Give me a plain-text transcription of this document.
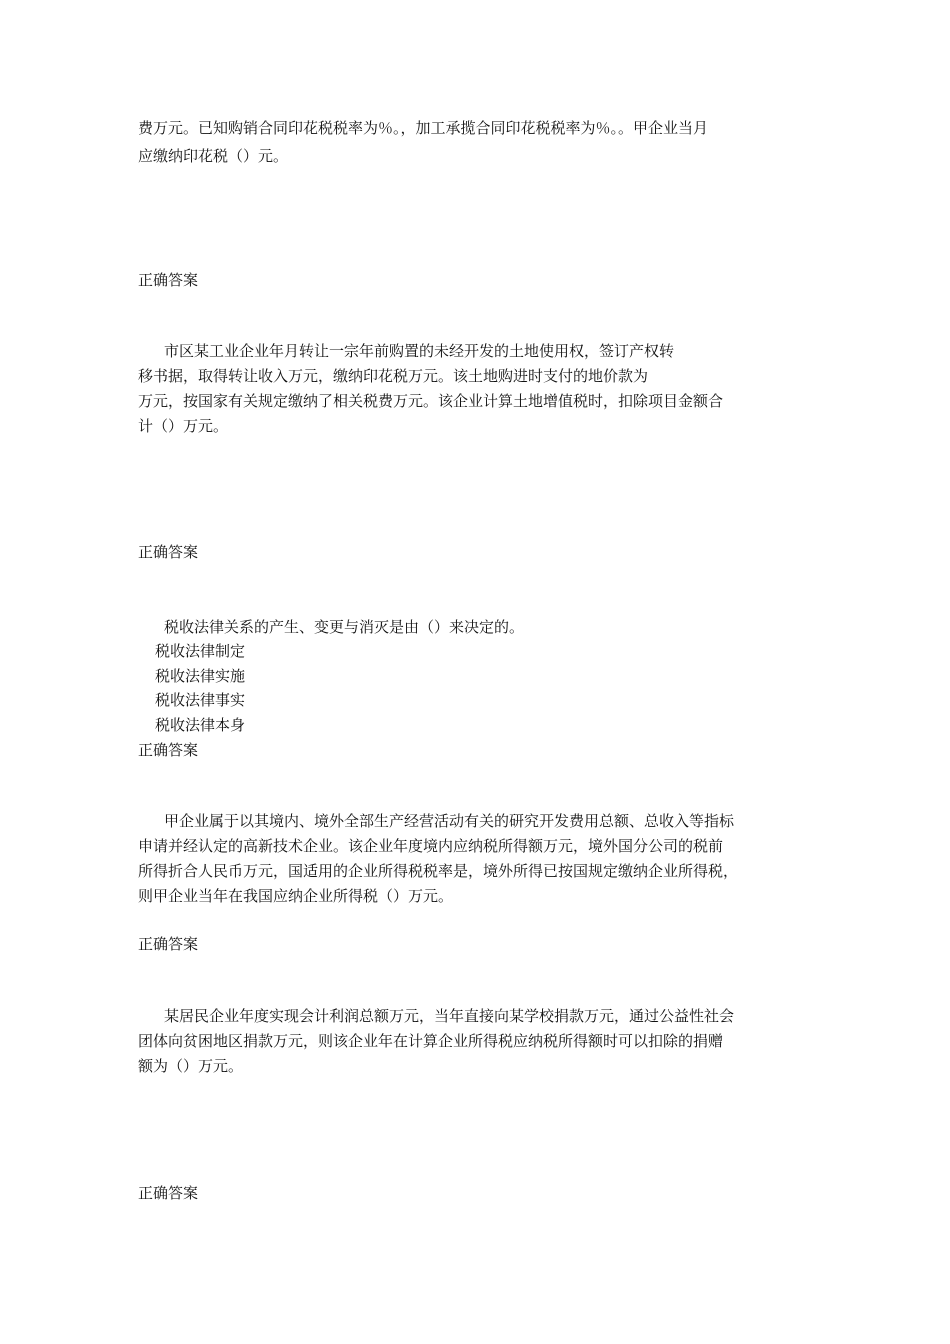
费万元。已知购销合同印花税税率为％。，加工承揽合同印花税税率为％。。甲企业当月
应缴纳印花税（）元。
正确答案
市区某工业企业年月转让一宗年前购置的未经开发的土地使用权，签订产权转
移书据，取得转让收入万元，缴纳印花税万元。该土地购进时支付的地价款为
万元，按国家有关规定缴纳了相关税费万元。该企业计算土地增值税时，扣除项目金额合
计（）万元。
正确答案
税收法律关系的产生、变更与消灭是由（）来决定的。
税收法律制定
税收法律实施
税收法律事实
税收法律本身
正确答案
甲企业属于以其境内、境外全部生产经营活动有关的研究开发费用总额、总收入等指标
申请并经认定的高新技术企业。该企业年度境内应纳税所得额万元，境外国分公司的税前
所得折合人民币万元，国适用的企业所得税税率是，境外所得已按国规定缴纳企业所得税，
则甲企业当年在我国应纳企业所得税（）万元。
正确答案
某居民企业年度实现会计利润总额万元，当年直接向某学校捐款万元，通过公益性社会
团体向贫困地区捐款万元，则该企业年在计算企业所得税应纳税所得额时可以扣除的捐赠
额为（）万元。
正确答案
